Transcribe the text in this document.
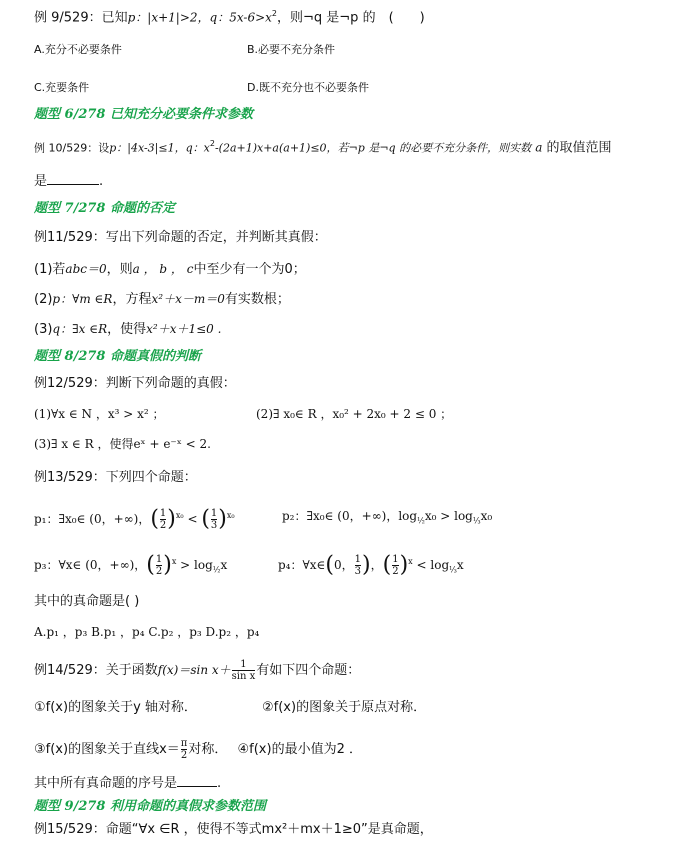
例 9/529：已知p：|x+1|>2，q：$5x-6>x^2$，则¬q 是¬p 的　(　　)
A.充分不必要条件	B.必要不充分条件
C.充要条件	D.既不充分也不必要条件
题型 6/278 已知充分必要条件求参数
例 10/529：设p：|4x-3|≤1，q：$x^2-(2a+1)x+a(a+1)\le 0$，若¬p 是¬q 的必要不充分条件，则实数 a 的取值范围
是	.
题型 7/278 命题的否定
例11/529：写出下列命题的否定，并判断其真假：
(1)若abc＝0，则a ， b ， c中至少有一个为0；
(2)p：∀m ∈R，方程x²＋x－m＝0有实数根；
(3)q：∃x ∈R，使得x²＋x＋1≤0 .
题型 8/278 命题真假的判断
例12/529：判断下列命题的真假：
(1)∀x ∈ N ，x³ > x² ；	(2)∃ x₀∈ R ，x₀² + 2x₀ + 2 ≤ 0 ；
(3)∃ x ∈ R ，使得eˣ + e⁻ˣ < 2.
例13/529：下列四个命题：
p₁：∃x₀∈ (0，+∞)，( $\frac{1}{2} )^{x_0}$ < ( $\frac{1}{3} )^{x_0}$	p₂：∃x₀∈ (0，+∞)，$\log_{\frac{1}{2}}x_0 > \log_{\frac{1}{3}}x_0$
p₃：∀x∈ (0，+∞)，( $\frac{1}{2} )^x > \log_{\frac{1}{2}}x$	p₄：∀x∈(0， $\frac{1}{3}$ )，( $\frac{1}{2} )^x < \log_{\frac{1}{3}}x$
其中的真命题是( )
A.p₁ ，p₃ B.p₁ ，p₄ C.p₂ ，p₃ D.p₂ ，p₄
例14/529：关于函数f(x)＝sin $x+ \frac{1}{\text{sin x}}$ 有如下四个命题：
①f(x)的图象关于y 轴对称．	②f(x)的图象关于原点对称．
③f(x)的图象关于直线$x= \frac{\pi}{2}$ 对称． ④f(x)的最小值为2 ．
其中所有真命题的序号是	.
题型 9/278 利用命题的真假求参数范围
例15/529：命题“∀x ∈R ，使得不等式mx²＋mx＋1≥0”是真命题，
